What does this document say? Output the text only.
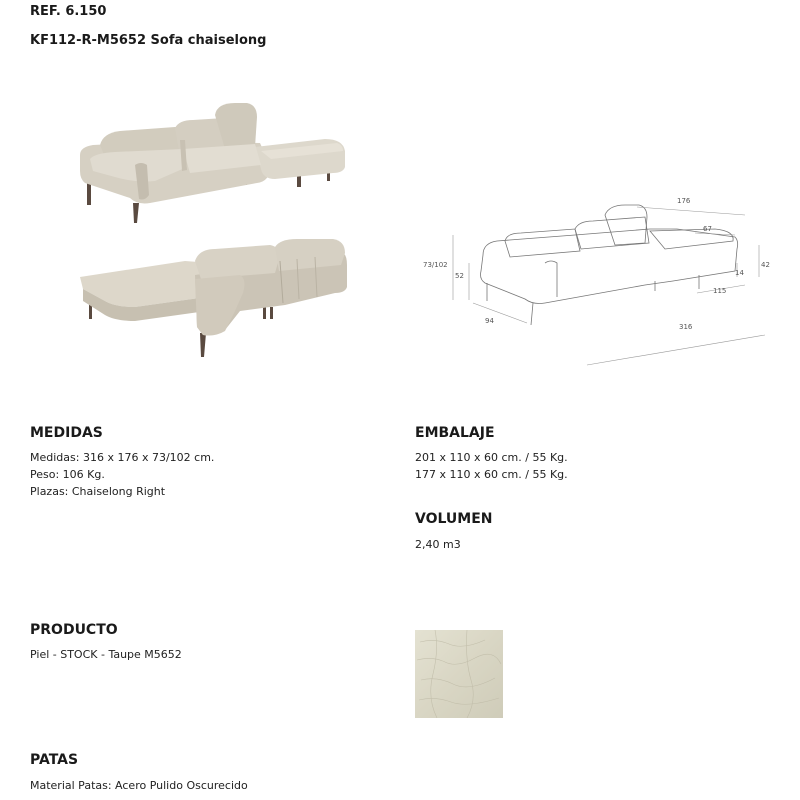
REF. 6.150
KF112-R-M5652 Sofa chaiselong
176
67
73/102
52
42
14
115
94
316
MEDIDAS
Medidas: 316 x 176 x 73/102 cm.
Peso: 106 Kg.
Plazas: Chaiselong Right
EMBALAJE
201 x 110 x 60 cm. / 55 Kg.
177 x 110 x 60 cm. / 55 Kg.
VOLUMEN
2,40 m3
PRODUCTO
Piel - STOCK - Taupe M5652
PATAS
Material Patas: Acero Pulido Oscurecido
